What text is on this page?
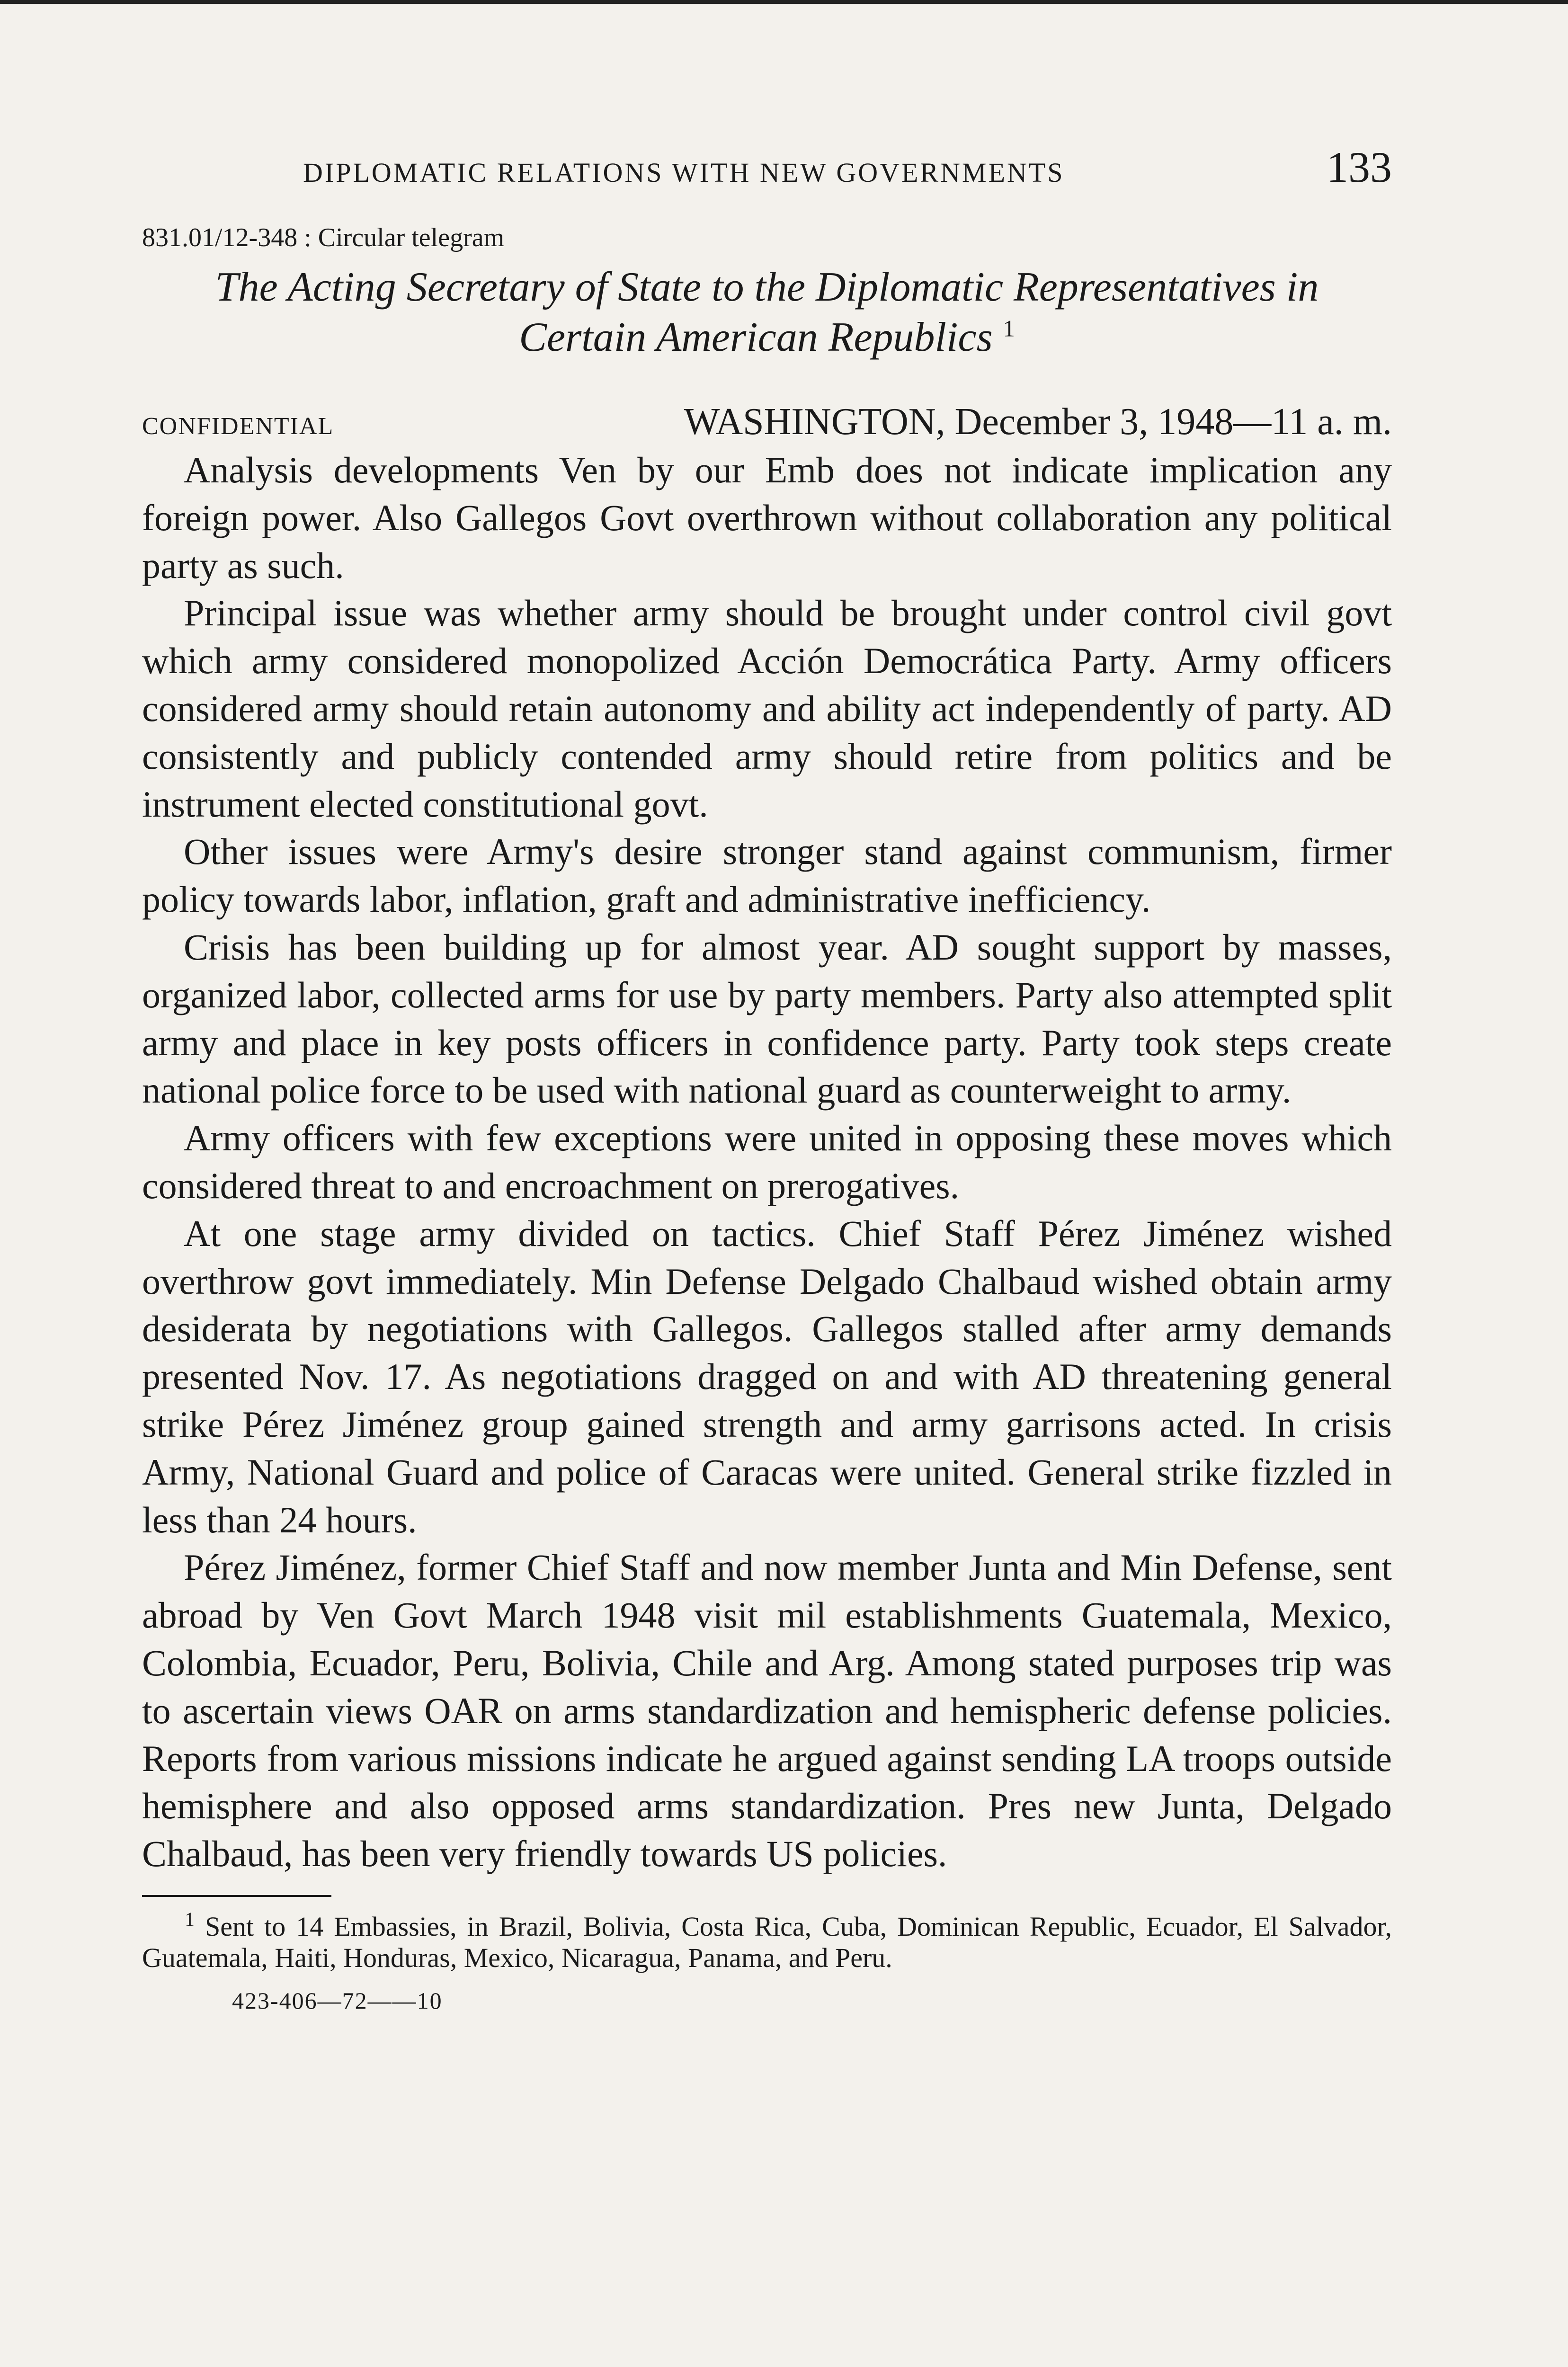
DIPLOMATIC RELATIONS WITH NEW GOVERNMENTS	133
831.01/12-348 : Circular telegram
The Acting Secretary of State to the Diplomatic Representatives in Certain American Republics $^1$
CONFIDENTIAL	WASHINGTON, December 3, 1948—11 a. m.

Analysis developments Ven by our Emb does not indicate implication any foreign power. Also Gallegos Govt overthrown without collaboration any political party as such.

Principal issue was whether army should be brought under control civil govt which army considered monopolized Acción Democrática Party. Army officers considered army should retain autonomy and ability act independently of party. AD consistently and publicly contended army should retire from politics and be instrument elected constitutional govt.

Other issues were Army's desire stronger stand against communism, firmer policy towards labor, inflation, graft and administrative inefficiency.

Crisis has been building up for almost year. AD sought support by masses, organized labor, collected arms for use by party members. Party also attempted split army and place in key posts officers in confidence party. Party took steps create national police force to be used with national guard as counterweight to army.

Army officers with few exceptions were united in opposing these moves which considered threat to and encroachment on prerogatives.

At one stage army divided on tactics. Chief Staff Pérez Jiménez wished overthrow govt immediately. Min Defense Delgado Chalbaud wished obtain army desiderata by negotiations with Gallegos. Gallegos stalled after army demands presented Nov. 17. As negotiations dragged on and with AD threatening general strike Pérez Jiménez group gained strength and army garrisons acted. In crisis Army, National Guard and police of Caracas were united. General strike fizzled in less than 24 hours.

Pérez Jiménez, former Chief Staff and now member Junta and Min Defense, sent abroad by Ven Govt March 1948 visit mil establishments Guatemala, Mexico, Colombia, Ecuador, Peru, Bolivia, Chile and Arg. Among stated purposes trip was to ascertain views OAR on arms standardization and hemispheric defense policies. Reports from various missions indicate he argued against sending LA troops outside hemisphere and also opposed arms standardization. Pres new Junta, Delgado Chalbaud, has been very friendly towards US policies.

$^1$ Sent to 14 Embassies, in Brazil, Bolivia, Costa Rica, Cuba, Dominican Republic, Ecuador, El Salvador, Guatemala, Haiti, Honduras, Mexico, Nicaragua, Panama, and Peru.

423-406—72——10
